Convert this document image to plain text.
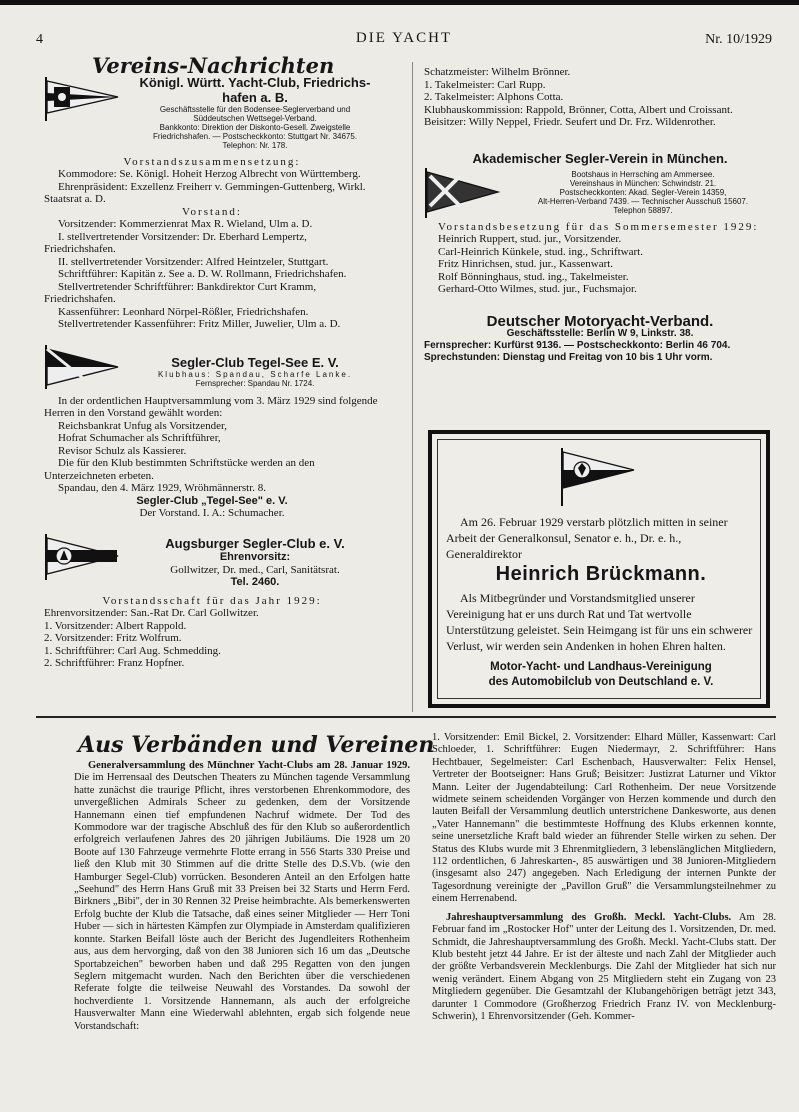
4	DIE YACHT	Nr. 10/1929
Vereins-Nachrichten
Königl. Württ. Yacht-Club, Friedrichs-
hafen a. B.
Geschäftsstelle für den Bodensee-Seglerverband und
Süddeutschen Wettsegel-Verband.
Bankkonto: Direktion der Diskonto-Gesell. Zweigstelle
Friedrichshafen. — Postscheckkonto: Stuttgart Nr. 34675.
Telephon: Nr. 178.

Vorstandszusammensetzung:

Kommodore: Se. Königl. Hoheit Herzog Albrecht von Württemberg.

Ehrenpräsident: Exzellenz Freiherr v. Gemmingen-Guttenberg, Wirkl. Staatsrat a. D.

Vorstand:

Vorsitzender: Kommerzienrat Max R. Wieland, Ulm a. D.

I. stellvertretender Vorsitzender: Dr. Eberhard Lempertz, Friedrichshafen.

II. stellvertretender Vorsitzender: Alfred Heintzeler, Stuttgart.

Schriftführer: Kapitän z. See a. D. W. Rollmann, Friedrichshafen.

Stellvertretender Schriftführer: Bankdirektor Curt Kramm, Friedrichshafen.

Kassenführer: Leonhard Nörpel-Rößler, Friedrichshafen.

Stellvertretender Kassenführer: Fritz Miller, Juwelier, Ulm a. D.

Segler-Club Tegel-See E. V.
Klubhaus: Spandau, Scharfe Lanke.
Fernsprecher: Spandau Nr. 1724.

In der ordentlichen Hauptversammlung vom 3. März 1929 sind folgende Herren in den Vorstand gewählt worden:

Reichsbankrat Unfug als Vorsitzender,

Hofrat Schumacher als Schriftführer,

Revisor Schulz als Kassierer.

Die für den Klub bestimmten Schriftstücke werden an den Unterzeichneten erbeten.

Spandau, den 4. März 1929, Wröhmännerstr. 8.

Segler-Club „Tegel-See" e. V.

Der Vorstand. I. A.: Schumacher.

Augsburger Segler-Club e. V.
Ehrenvorsitz:
Gollwitzer, Dr. med., Carl, Sanitätsrat.
Tel. 2460.

Vorstandsschaft für das Jahr 1929:

Ehrenvorsitzender: San.-Rat Dr. Carl Gollwitzer.

1. Vorsitzender: Albert Rappold.

2. Vorsitzender: Fritz Wolfrum.

1. Schriftführer: Carl Aug. Schmedding.

2. Schriftführer: Franz Hopfner.

Schatzmeister: Wilhelm Brönner.

1. Takelmeister: Carl Rupp.

2. Takelmeister: Alphons Cotta.

Klubhauskommission: Rappold, Brönner, Cotta, Albert und Croissant.

Beisitzer: Willy Neppel, Friedr. Seufert und Dr. Frz. Wildenrother.

Akademischer Segler-Verein in München.
Bootshaus in Herrsching am Ammersee.
Vereinshaus in München: Schwindstr. 21.
Postscheckkonten: Akad. Segler-Verein 14359,
Alt-Herren-Verband 7439. — Technischer Ausschuß 15607.
Telephon 58897.

Vorstandsbesetzung für das Sommersemester 1929:

Heinrich Ruppert, stud. jur., Vorsitzender.

Carl-Heinrich Künkele, stud. ing., Schriftwart.

Fritz Hinrichsen, stud. jur., Kassenwart.

Rolf Bönninghaus, stud. ing., Takelmeister.

Gerhard-Otto Wilmes, stud. jur., Fuchsmajor.

Deutscher Motoryacht-Verband.

Geschäftsstelle: Berlin W 9, Linkstr. 38.

Fernsprecher: Kurfürst 9136. — Postscheckkonto: Berlin 46 704.

Sprechstunden: Dienstag und Freitag von 10 bis 1 Uhr vorm.

Am 26. Februar 1929 verstarb plötzlich mitten in seiner Arbeit der Generalkonsul, Senator e. h., Dr. e. h., Generaldirektor
Heinrich Brückmann.
Als Mitbegründer und Vorstandsmitglied unserer Vereinigung hat er uns durch Rat und Tat wertvolle Unterstützung geleistet. Sein Heimgang ist für uns ein schwerer Verlust, wir werden sein Andenken in hohen Ehren halten.
Motor-Yacht- und Landhaus-Vereinigung
des Automobilclub von Deutschland e. V.
Aus Verbänden und Vereinen

Generalversammlung des Münchner Yacht-Clubs am 28. Januar 1929. Die im Herrensaal des Deutschen Theaters zu München tagende Versammlung hatte zunächst die traurige Pflicht, ihres verstorbenen Ehrenkommodore, des unvergeßlichen Admirals Scheer zu gedenken, dem der Vorsitzende Hannemann einen tief empfundenen Nachruf widmete. Der Tod des Kommodore war der tragische Abschluß des für den Klub so außerordentlich erfolgreich verlaufenen Jahres des 20 jährigen Jubiläums. Die 1928 um 20 Boote auf 130 Fahrzeuge vermehrte Flotte errang in 556 Starts 330 Preise und ließ den Klub mit 30 Stimmen auf die dritte Stelle des D.S.Vb. (wie den Hamburger Segel-Club) vorrücken. Besonderen Anteil an den Erfolgen hatte „Seehund" des Herrn Hans Gruß mit 33 Preisen bei 32 Starts und Herrn Ferd. Birkners „Bibi", der in 30 Rennen 32 Preise heimbrachte. Als bemerkenswerten Erfolg buchte der Klub die Tatsache, daß eines seiner Mitglieder — Herr Toni Huber — sich in härtesten Kämpfen zur Olympiade in Amsterdam qualifizieren konnte. Starken Beifall löste auch der Bericht des Jugendleiters Rothenheim aus, aus dem hervorging, daß von den 38 Junioren sich 16 um das „Deutsche Sportabzeichen" beworben haben und daß 295 Regatten von den jungen Seglern mitgemacht wurden. Nach den Berichten über die verschiedenen Referate folgte die teilweise Neuwahl des Vorstandes. Da sowohl der hochverdiente 1. Vorsitzende Hannemann, als auch der erfolgreiche Hausverwalter Mann eine Wiederwahl ablehnten, ergab sich folgende neue Vorstandschaft:

1. Vorsitzender: Emil Bickel, 2. Vorsitzender: Elhard Müller, Kassenwart: Carl Schloeder, 1. Schriftführer: Eugen Niedermayr, 2. Schriftführer: Hans Hechtbauer, Segelmeister: Carl Eschenbach, Hausverwalter: Felix Hensel, Vertreter der Bootseigner: Hans Gruß; Beisitzer: Justizrat Laturner und Viktor Mann. Leiter der Jugendabteilung: Carl Rothenheim. Der neue Vorsitzende widmete seinem scheidenden Vorgänger von Herzen kommende und durch den lauten Beifall der Versammlung deutlich unterstrichene Dankesworte, aus denen „Vater Hannemann" die bestimmteste Hoffnung des Klubs erkennen konnte, seine unersetzliche Kraft bald wieder an führender Stelle wirken zu sehen. Der Status des Klubs wurde mit 3 Ehrenmitgliedern, 3 lebenslänglichen Mitgliedern, 112 ordentlichen, 6 Jahreskarten-, 85 auswärtigen und 38 Junioren-Mitgliedern (insgesamt also 247) angegeben. Nach Erledigung der internen Punkte der Tagesordnung vereinigte der „Pavillon Gruß" die Versammlungsteilnehmer zu einem Herrenabend.

Jahreshauptversammlung des Großh. Meckl. Yacht-Clubs. Am 28. Februar fand im „Rostocker Hof" unter der Leitung des 1. Vorsitzenden, Dr. med. Schmidt, die Jahreshauptversammlung des Großh. Meckl. Yacht-Clubs statt. Der Klub besteht jetzt 44 Jahre. Er ist der älteste und nach Zahl der Mitglieder auch der größte Verbandsverein Mecklenburgs. Die Zahl der Mitglieder hat sich nur wenig verändert. Einem Abgang von 25 Mitgliedern steht ein Zugang von 23 Mitgliedern gegenüber. Die Gesamtzahl der Klubangehörigen beträgt jetzt 343, darunter 1 Commodore (Großherzog Friedrich Franz IV. von Mecklenburg-Schwerin), 1 Ehrenvorsitzender (Geh. Kommer-
